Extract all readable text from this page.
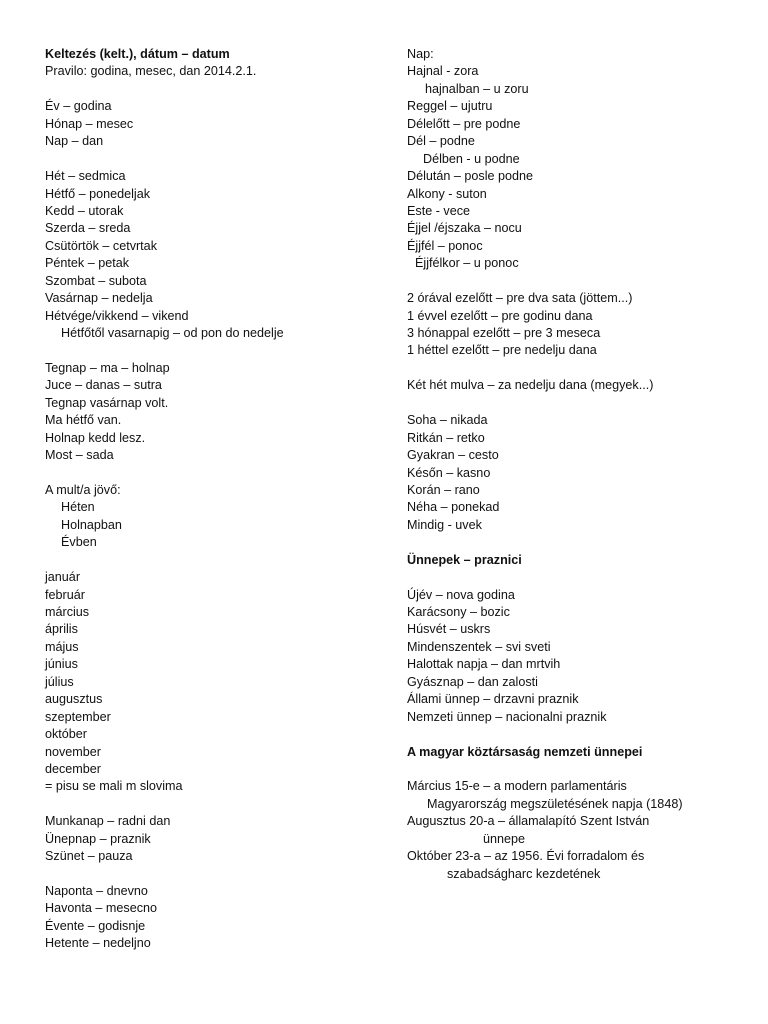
Keltezés (kelt.), dátum – datum
Pravilo: godina, mesec, dan 2014.2.1.
Év – godina
Hónap – mesec
Nap – dan
Hét – sedmica
Hétfő – ponedeljak
Kedd – utorak
Szerda – sreda
Csütörtök – cetvrtak
Péntek – petak
Szombat – subota
Vasárnap – nedelja
Hétvége/vikkend – vikend
Hétfőtől vasarnapig – od pon do nedelje
Tegnap – ma – holnap
Juce – danas – sutra
Tegnap vasárnap volt.
Ma hétfő van.
Holnap kedd lesz.
Most – sada
A mult/a jövő:
Héten
Holnapban
Évben
január
február
március
április
május
június
július
augusztus
szeptember
október
november
december
= pisu se mali m slovima
Munkanap – radni dan
Ünepnap – praznik
Szünet – pauza
Naponta – dnevno
Havonta – mesecno
Évente – godisnje
Hetente – nedeljno
Nap:
Hajnal - zora
hajnalban – u zoru
Reggel – ujutru
Délelőtt – pre podne
Dél – podne
Délben - u podne
Délután – posle podne
Alkony - suton
Este - vece
Éjjel /éjszaka – nocu
Éjjfél – ponoc
Éjjfélkor – u ponoc
2 órával ezelőtt – pre dva sata (jöttem...)
1 évvel ezelőtt – pre godinu dana
3 hónappal ezelőtt – pre 3 meseca
1 héttel ezelőtt – pre nedelju dana
Két hét mulva – za nedelju dana (megyek...)
Soha – nikada
Ritkán – retko
Gyakran – cesto
Későn – kasno
Korán – rano
Néha – ponekad
Mindig - uvek
Ünnepek – praznici
Újév – nova godina
Karácsony – bozic
Húsvét – uskrs
Mindenszentek – svi sveti
Halottak napja – dan mrtvih
Gyásznap – dan zalosti
Állami ünnep – drzavni praznik
Nemzeti ünnep – nacionalni praznik
A magyar köztársaság nemzeti ünnepei
Március 15-e – a modern parlamentáris
Magyarország megszületésének napja (1848)
Augusztus 20-a – államalapító Szent István
ünnepe
Október 23-a – az 1956. Évi forradalom és
szabadságharc kezdetének
